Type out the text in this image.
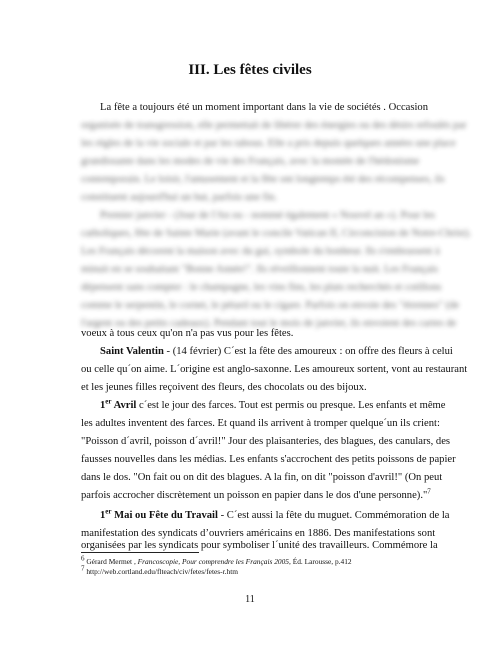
III. Les fêtes civiles
La fête a toujours été un moment important dans la vie de sociétés . Occasion
organisée de transgression, elle permettait de libérer des énergies ou des désirs refoulés par
les règles de la vie sociale et par les tabous. Elle a pris depuis quelques années une place
grandissante dans les modes de vie des Français, avec la montée de l'hédonisme
contemporain. Le loisir, l'amusement et la fête ont longtemps été des récompenses, ils
constituent aujourd'hui un but, parfois une fin.
Premier janvier - (Jour de l'An ou - nommé également « Nouvel an »). Pour les
catholiques, fête de Sainte Marie (avant le concile Vatican II, Circoncision de Notre-Christ).
Les Français décorent la maison avec du gui, symbole du bonheur. Ils s'embrassent à
minuit en se souhaitant "Bonne Année!". Ils réveillonnent toute la nuit. Les Français
dépensent sans compter : le champagne, les vins fins, les plats recherchés et cotillons
comme le serpentin, le cornet, le pétard ou le cigare. Parfois on envoie des "étrennes" (de
l'argent ou des petits cadeaux). Pendant tout le mois de janvier, ils envoient des cartes de
voeux à tous ceux qu'on n'a pas vus pour les fêtes.
Saint Valentin - (14 février) C´est la fête des amoureux : on offre des fleurs à celui
ou celle qu´on aime. L´origine est anglo-saxonne. Les amoureux sortent, vont au restaurant
et les jeunes filles reçoivent des fleurs, des chocolats ou des bijoux.
1er Avril c´est le jour des farces. Tout est permis ou presque. Les enfants et même
les adultes inventent des farces. Et quand ils arrivent à tromper quelque´un ils crient:
"Poisson d´avril, poisson d´avril!" Jour des plaisanteries, des blagues, des canulars, des
fausses nouvelles dans les médias. Les enfants s'accrochent des petits poissons de papier
dans le dos. "On fait ou on dit des blagues. A la fin, on dit "poisson d'avril!" (On peut
parfois accrocher discrètement un poisson en papier dans le dos d'une personne)."$^7$
1er Mai ou Fête du Travail - C´est aussi la fête du muguet. Commémoration de la
manifestation des syndicats d’ouvriers américains en 1886. Des manifestations sont
organisées par les syndicats pour symboliser l´unité des travailleurs. Commémore la
6 Gérard Mermet , Francoscopie, Pour comprendre les Français 2005, Éd. Larousse, p.412
7 http://web.cortland.edu/flteach/civ/fetes/fetes-r.htm
11
